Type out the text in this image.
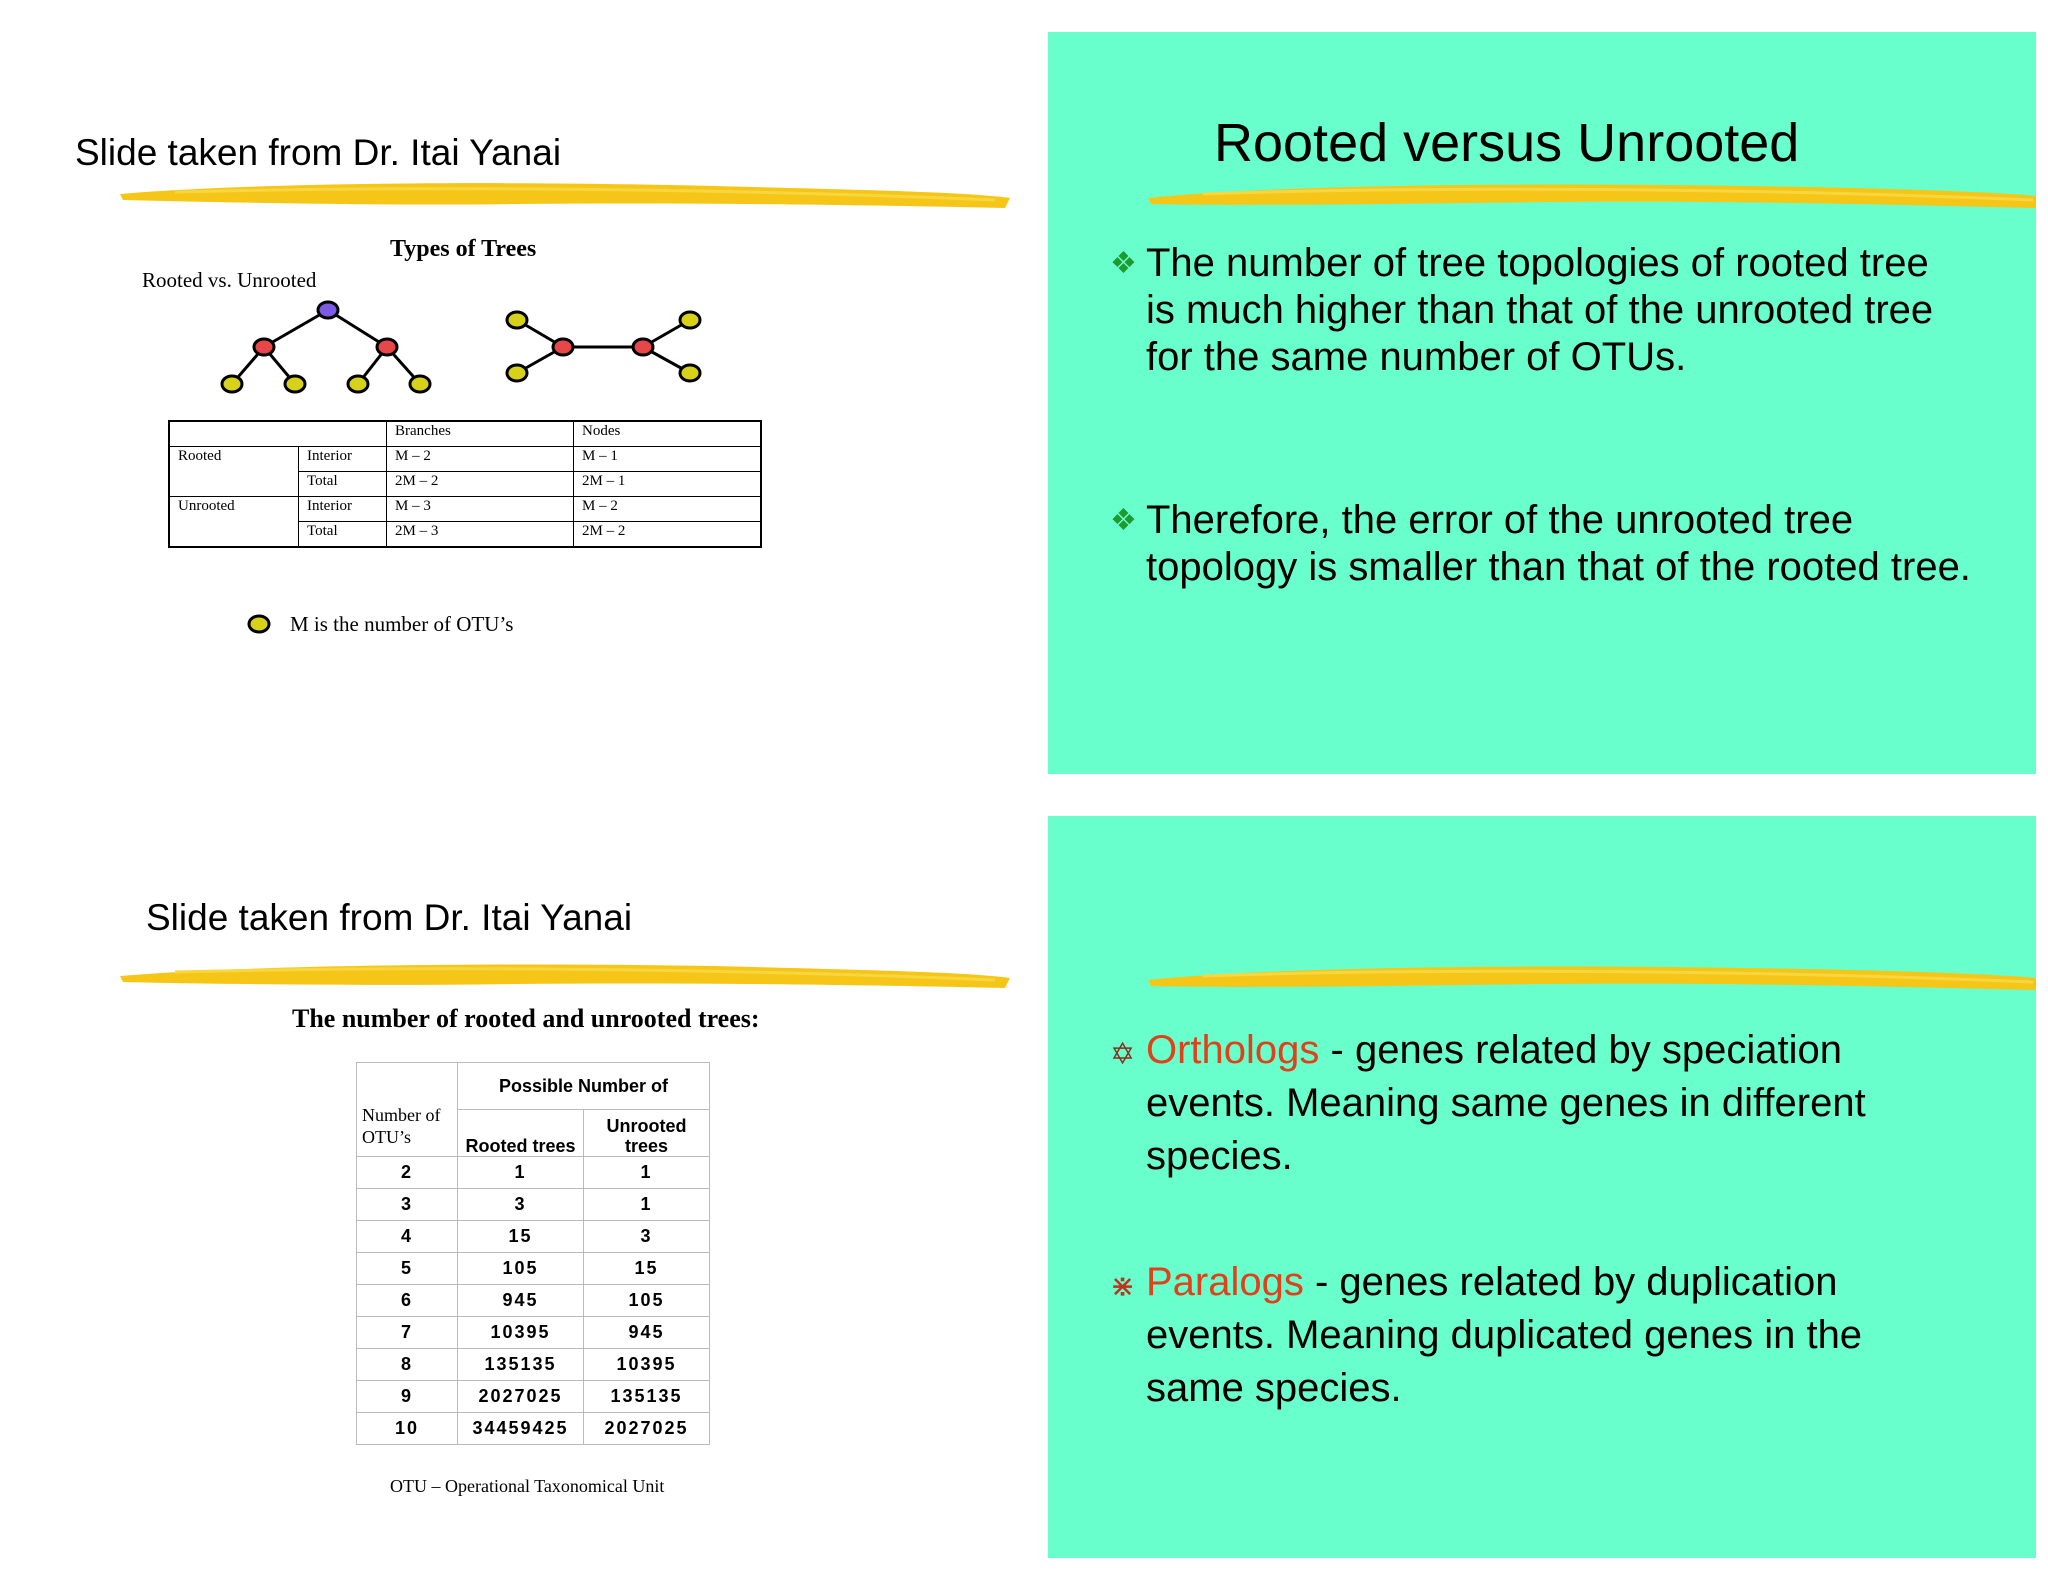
Slide taken from Dr. Itai Yanai
Types of Trees
Rooted vs. Unrooted
		Branches	Nodes
Rooted	Interior	M – 2	M – 1
	Total	2M – 2	2M – 1
Unrooted	Interior	M – 3	M – 2
	Total	2M – 3	2M – 2
M is the number of OTU’s
Rooted versus Unrooted
❖ The number of tree topologies of rooted tree is much higher than that of the unrooted tree for the same number of OTUs.
❖ Therefore, the error of the unrooted tree topology is smaller than that of the rooted tree.
Slide taken from Dr. Itai Yanai
The number of rooted and unrooted trees:
Number of OTU’s	Possible Number of	
	Rooted trees	Unrooted trees
2	1	1
3	3	1
4	15	3
5	105	15
6	945	105
7	10395	945
8	135135	10395
9	2027025	135135
10	34459425	2027025
OTU – Operational Taxonomical Unit
✡ Orthologs - genes related by speciation events. Meaning same genes in different species.
⋇ Paralogs - genes related by duplication events. Meaning duplicated genes in the same species.
